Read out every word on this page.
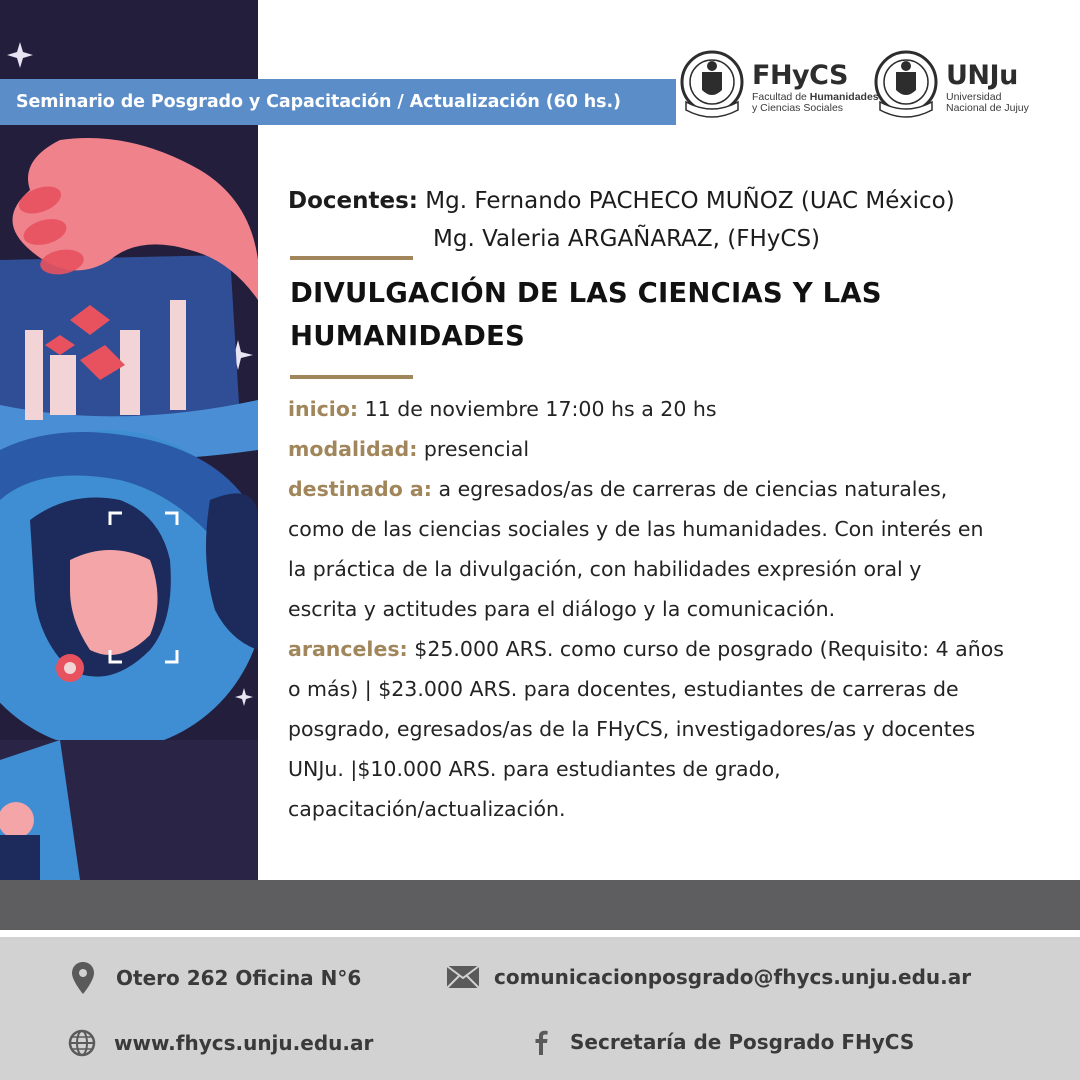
Seminario de Posgrado y Capacitación / Actualización (60 hs.)
FHyCS
Facultad de Humanidades
y Ciencias Sociales
UNJu
Universidad
Nacional de Jujuy
Docentes: Mg. Fernando PACHECO MUÑOZ (UAC México)
Mg. Valeria ARGAÑARAZ, (FHyCS)
DIVULGACIÓN DE LAS CIENCIAS Y LAS
HUMANIDADES
inicio: 11 de noviembre 17:00 hs a 20 hs
modalidad: presencial
destinado a: a egresados/as de carreras de ciencias naturales, como de las ciencias sociales y de las humanidades. Con interés en la práctica de la divulgación, con habilidades expresión oral y escrita y actitudes para el diálogo y la comunicación.
aranceles: $25.000 ARS. como curso de posgrado (Requisito: 4 años o más) | $23.000 ARS. para docentes, estudiantes de carreras de posgrado, egresados/as de la FHyCS, investigadores/as y docentes UNJu. |$10.000 ARS. para estudiantes de grado, capacitación/actualización.
Otero 262 Oficina N°6	comunicacionposgrado@fhycs.unju.edu.ar
www.fhycs.unju.edu.ar	Secretaría de Posgrado FHyCS
